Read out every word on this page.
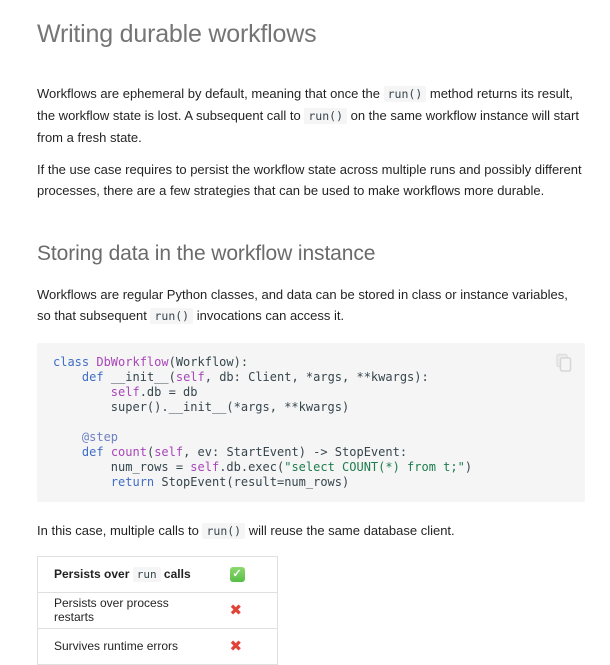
Writing durable workflows

Workflows are ephemeral by default, meaning that once the run() method returns its result, the workflow state is lost. A subsequent call to run() on the same workflow instance will start from a fresh state.

If the use case requires to persist the workflow state across multiple runs and possibly different processes, there are a few strategies that can be used to make workflows more durable.

Storing data in the workflow instance

Workflows are regular Python classes, and data can be stored in class or instance variables, so that subsequent run() invocations can access it.

class DbWorkflow(Workflow):
def __init__(self, db: Client, *args, **kwargs):
self.db = db
super().__init__(*args, **kwargs)

@step
def count(self, ev: StartEvent) -> StopEvent:
num_rows = self.db.exec("select COUNT(*) from t;")
return StopEvent(result=num_rows)

In this case, multiple calls to run() will reuse the same database client.

Persists over run calls	✓
Persists over process restarts	✖
Survives runtime errors	✖
